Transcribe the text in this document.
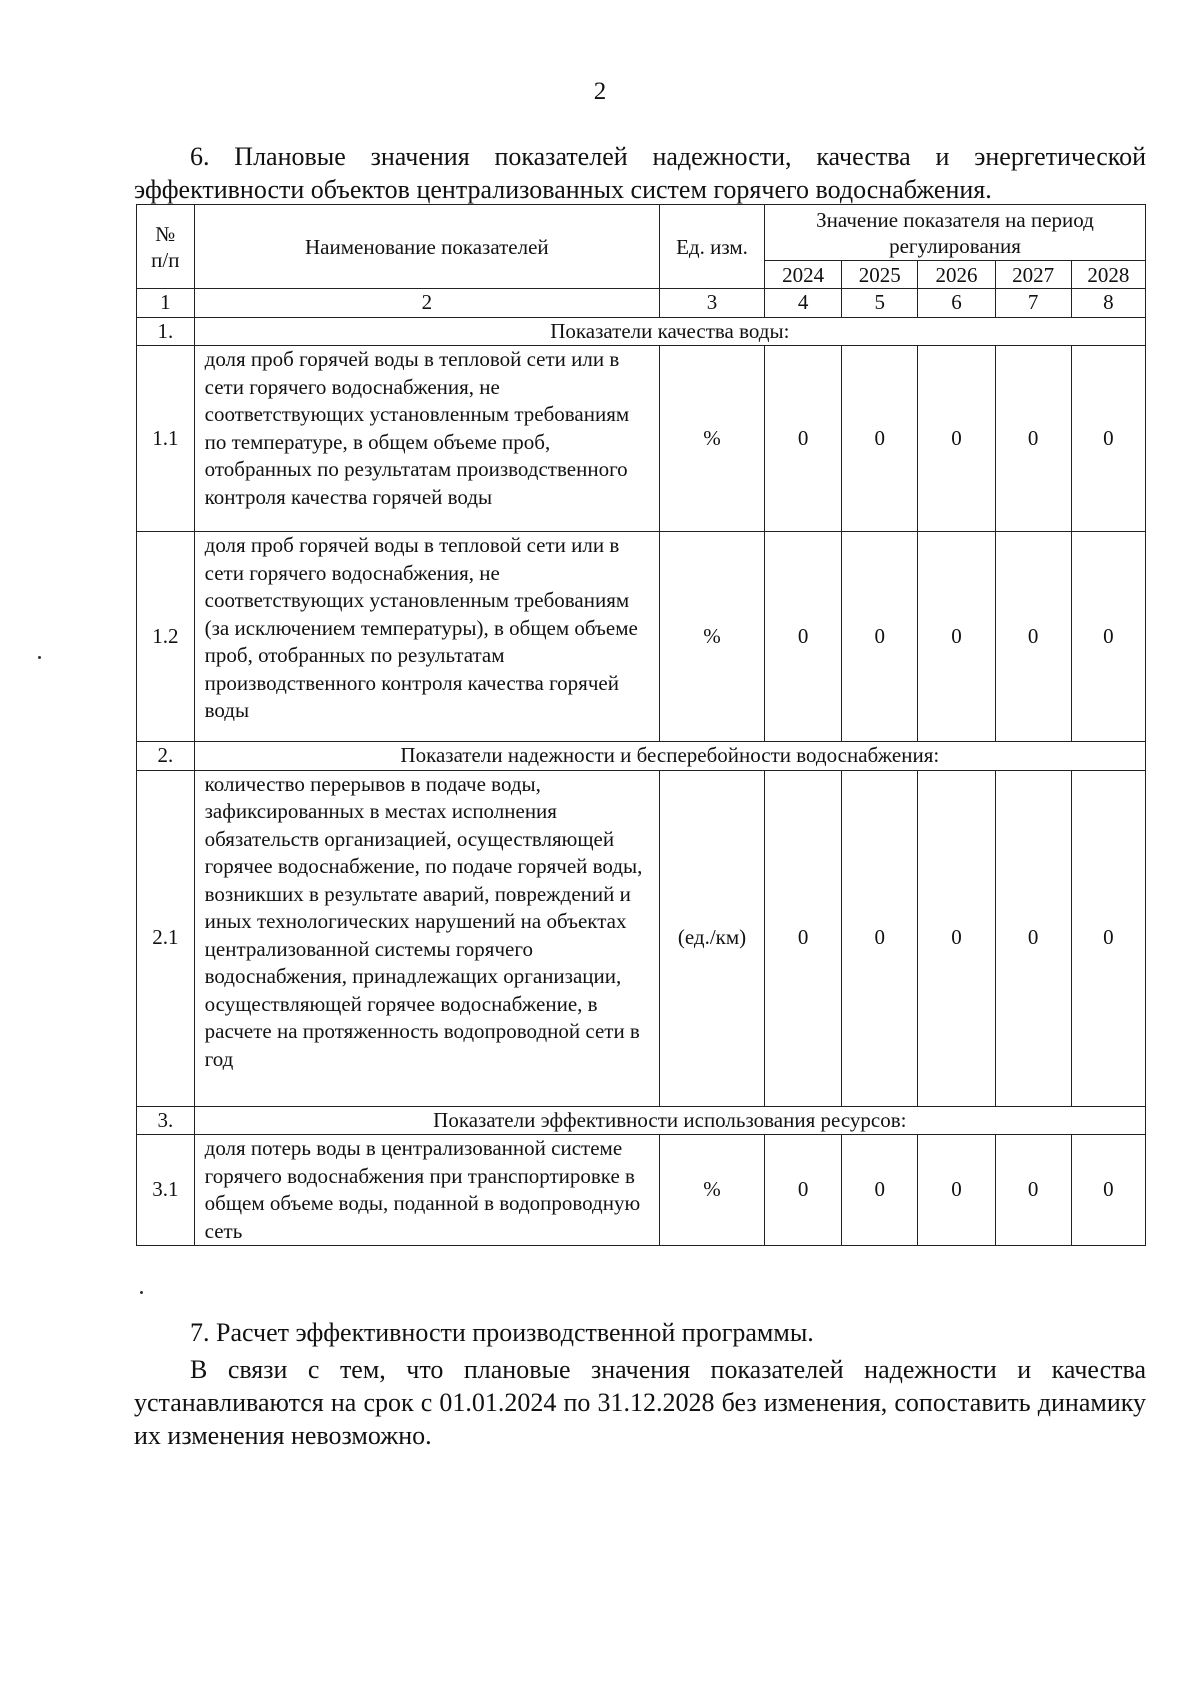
2
6. Плановые значения показателей надежности, качества и энергетической эффективности объектов централизованных систем горячего водоснабжения.
№ п/п	Наименование показателей	Ед. изм.	Значение показателя на период регулирования				
			2024	2025	2026	2027	2028
1	2	3	4	5	6	7	8
1.	Показатели качества воды:						
1.1	доля проб горячей воды в тепловой сети или в сети горячего водоснабжения, не соответствующих установленным требованиям по температуре, в общем объеме проб, отобранных по результатам производственного контроля качества горячей воды	%	0	0	0	0	0
1.2	доля проб горячей воды в тепловой сети или в сети горячего водоснабжения, не соответствующих установленным требованиям (за исключением температуры), в общем объеме проб, отобранных по результатам производственного контроля качества горячей воды	%	0	0	0	0	0
2.	Показатели надежности и бесперебойности водоснабжения:						
2.1	количество перерывов в подаче воды, зафиксированных в местах исполнения обязательств организацией, осуществляющей горячее водоснабжение, по подаче горячей воды, возникших в результате аварий, повреждений и иных технологических нарушений на объектах централизованной системы горячего водоснабжения, принадлежащих организации, осуществляющей горячее водоснабжение, в расчете на протяженность водопроводной сети в год	(ед./км)	0	0	0	0	0
3.	Показатели эффективности использования ресурсов:						
3.1	доля потерь воды в централизованной системе горячего водоснабжения при транспортировке в общем объеме воды, поданной в водопроводную сеть	%	0	0	0	0	0
7. Расчет эффективности производственной программы.
В связи с тем, что плановые значения показателей надежности и качества устанавливаются на срок с 01.01.2024 по 31.12.2028 без изменения, сопоставить динамику их изменения невозможно.
